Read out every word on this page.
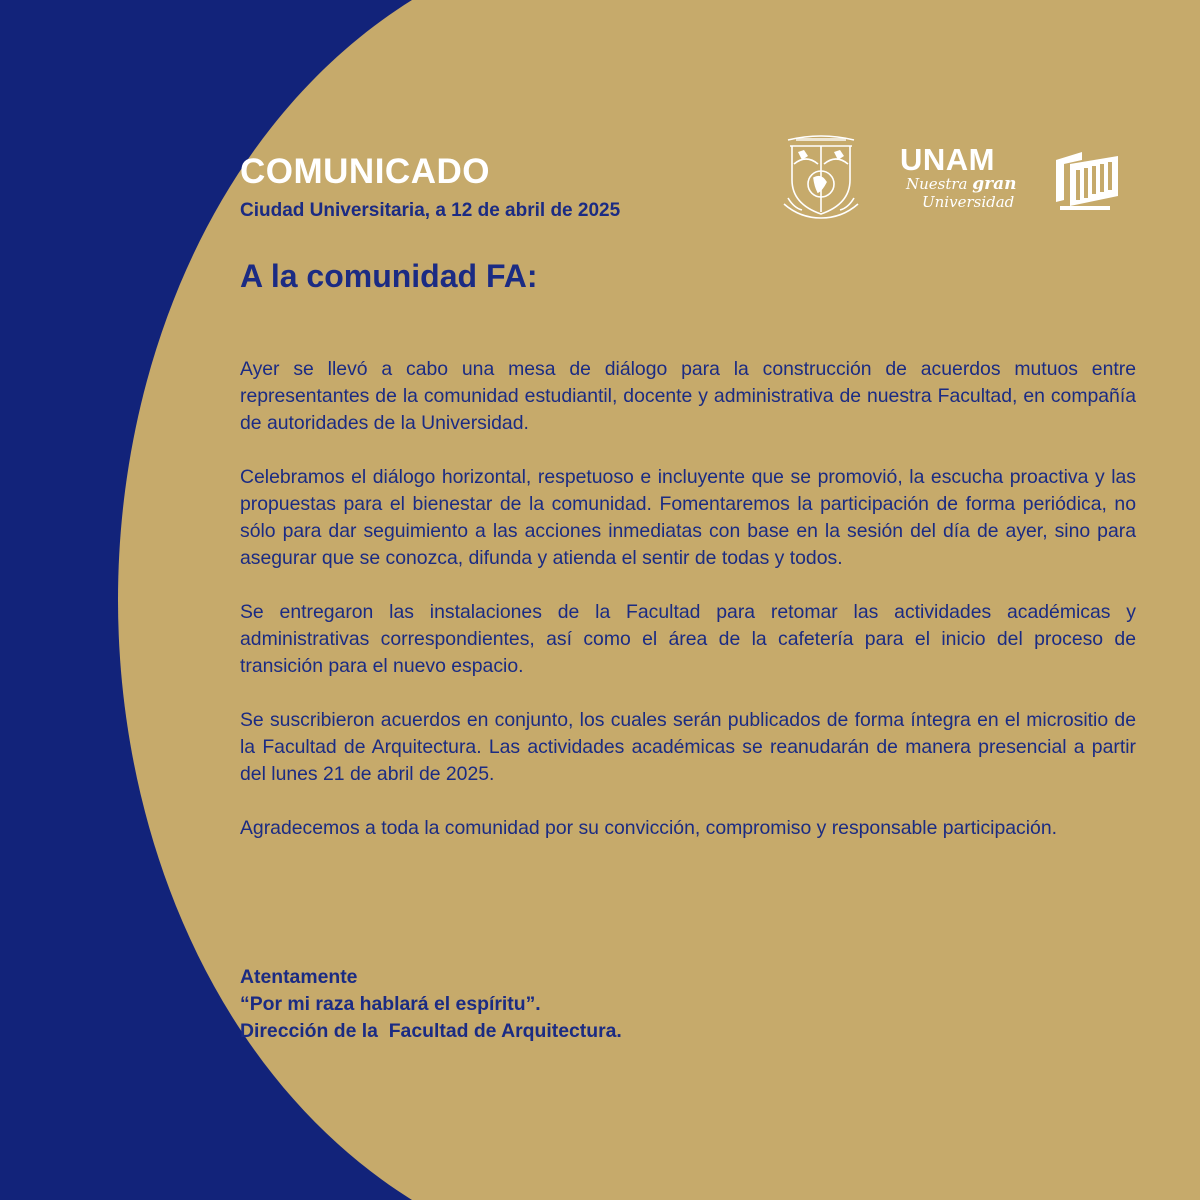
COMUNICADO

Ciudad Universitaria, a 12 de abril de 2025

UNAM
Nuestra gran
Universidad
A la comunidad FA:

Ayer se llevó a cabo una mesa de diálogo para la construcción de acuerdos mutuos entre representantes de la comunidad estudiantil, docente y administrativa de nuestra Facultad, en compañía de autoridades de la Universidad.

Celebramos el diálogo horizontal, respetuoso e incluyente que se promovió, la escucha proactiva y las propuestas para el bienestar de la comunidad. Fomentaremos la participación de forma periódica, no sólo para dar seguimiento a las acciones inmediatas con base en la sesión del día de ayer, sino para asegurar que se conozca, difunda y atienda el sentir de todas y todos.

Se entregaron las instalaciones de la Facultad para retomar las actividades académicas y administrativas correspondientes, así como el área de la cafetería para el inicio del proceso de transición para el nuevo espacio.

Se suscribieron acuerdos en conjunto, los cuales serán publicados de forma íntegra en el micrositio de la Facultad de Arquitectura. Las actividades académicas se reanudarán de manera presencial a partir del lunes 21 de abril de 2025.

Agradecemos a toda la comunidad por su convicción, compromiso y responsable participación.

Atentamente
“Por mi raza hablará el espíritu”.
Dirección de la  Facultad de Arquitectura.
